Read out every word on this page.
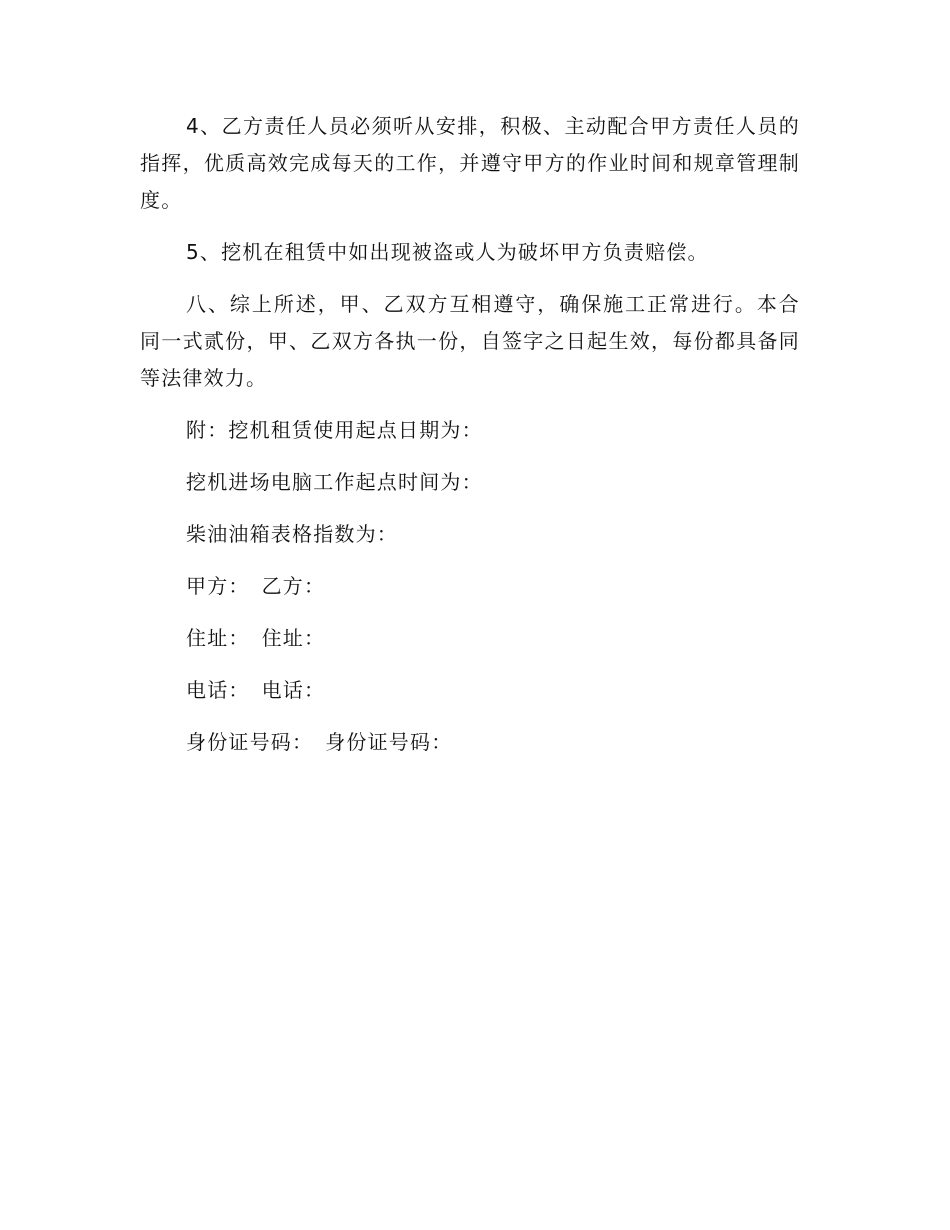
4、乙方责任人员必须听从安排，积极、主动配合甲方责任人员的指挥，优质高效完成每天的工作，并遵守甲方的作业时间和规章管理制度。

5、挖机在租赁中如出现被盗或人为破坏甲方负责赔偿。

八、综上所述，甲、乙双方互相遵守，确保施工正常进行。本合同一式贰份，甲、乙双方各执一份，自签字之日起生效，每份都具备同等法律效力。

附：挖机租赁使用起点日期为：

挖机进场电脑工作起点时间为：

柴油油箱表格指数为：

甲方： 乙方：

住址： 住址：

电话： 电话：

身份证号码： 身份证号码：
